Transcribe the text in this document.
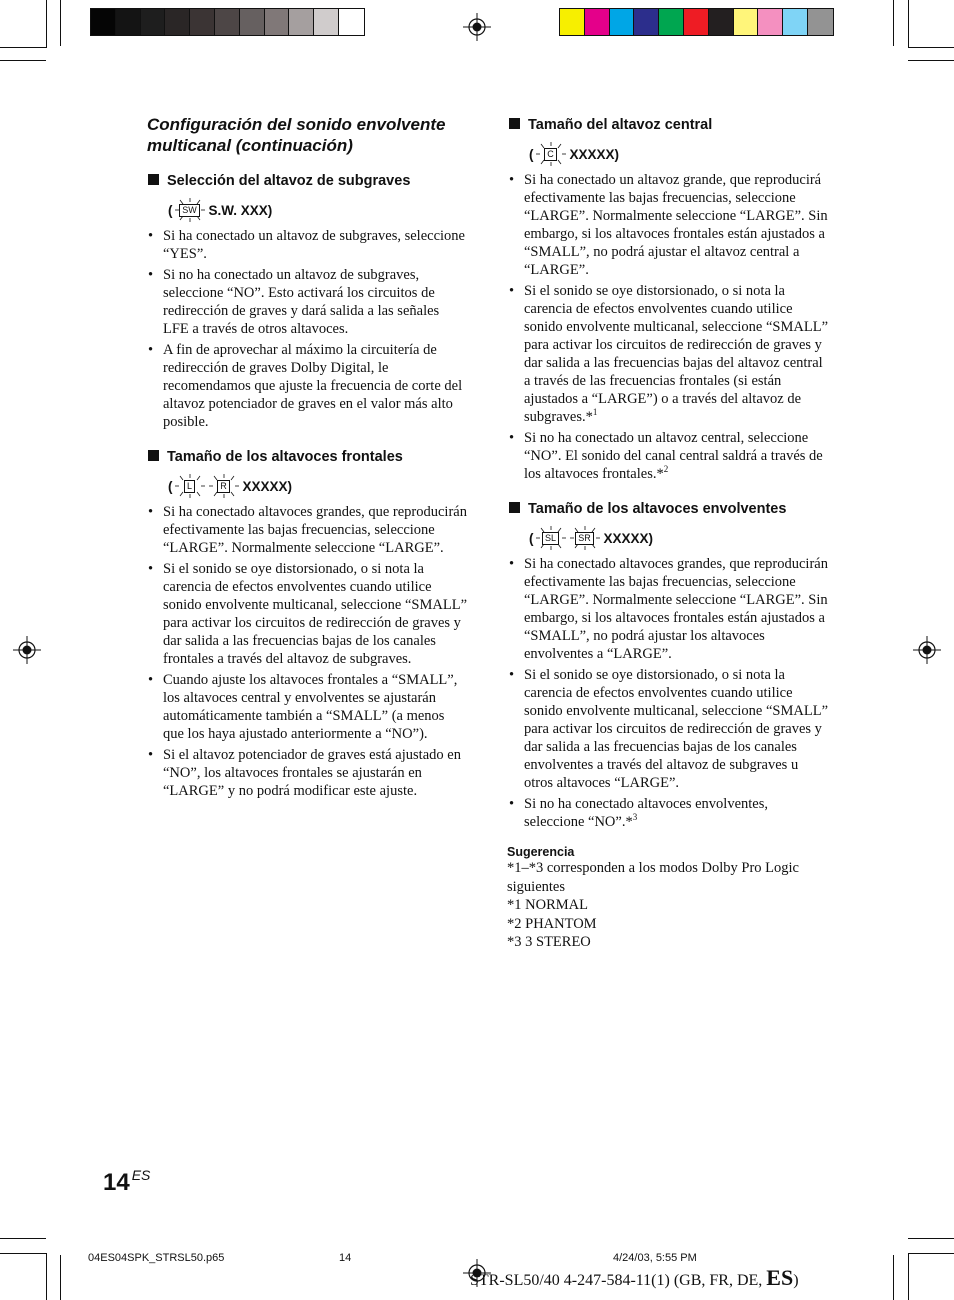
Configuración del sonido envolvente multicanal (continuación)
Selección del altavoz de subgraves
(	SW S.W. XXX)
• Si ha conectado un altavoz de subgraves, seleccione “YES”.
• Si no ha conectado un altavoz de subgraves, seleccione “NO”. Esto activará los circuitos de redirección de graves y dará salida a las señales LFE a través de otros altavoces.
• A fin de aprovechar al máximo la circuitería de redirección de graves Dolby Digital, le recomendamos que ajuste la frecuencia de corte del altavoz potenciador de graves en el valor más alto posible.
Tamaño de los altavoces frontales
(	L	R XXXXX)
• Si ha conectado altavoces grandes, que reproducirán efectivamente las bajas frecuencias, seleccione “LARGE”. Normalmente seleccione “LARGE”.
• Si el sonido se oye distorsionado, o si nota la carencia de efectos envolventes cuando utilice sonido envolvente multicanal, seleccione “SMALL” para activar los circuitos de redirección de graves y dar salida a las frecuencias bajas de los canales frontales a través del altavoz de subgraves.
• Cuando ajuste los altavoces frontales a “SMALL”, los altavoces central y envolventes se ajustarán automáticamente también a “SMALL” (a menos que los haya ajustado anteriormente a “NO”).
• Si el altavoz potenciador de graves está ajustado en “NO”, los altavoces frontales se ajustarán en “LARGE” y no podrá modificar este ajuste.
Tamaño del altavoz central
(	C XXXXX)
• Si ha conectado un altavoz grande, que reproducirá efectivamente las bajas frecuencias, seleccione “LARGE”. Normalmente seleccione “LARGE”. Sin embargo, si los altavoces frontales están ajustados a “SMALL”, no podrá ajustar el altavoz central a “LARGE”.
• Si el sonido se oye distorsionado, o si nota la carencia de efectos envolventes cuando utilice sonido envolvente multicanal, seleccione “SMALL” para activar los circuitos de redirección de graves y dar salida a las frecuencias bajas del altavoz central a través de las frecuencias frontales (si están ajustados a “LARGE”) o a través del altavoz de subgraves.*$^1$
• Si no ha conectado un altavoz central, seleccione “NO”. El sonido del canal central saldrá a través de los altavoces frontales.*$^2$
Tamaño de los altavoces envolventes
(	SL	SR XXXXX)
• Si ha conectado altavoces grandes, que reproducirán efectivamente las bajas frecuencias, seleccione “LARGE”. Normalmente seleccione “LARGE”. Sin embargo, si los altavoces frontales están ajustados a “SMALL”, no podrá ajustar los altavoces envolventes a “LARGE”.
• Si el sonido se oye distorsionado, o si nota la carencia de efectos envolventes cuando utilice sonido envolvente multicanal, seleccione “SMALL” para activar los circuitos de redirección de graves y dar salida a las frecuencias bajas de los canales envolventes a través del altavoz de subgraves u otros altavoces “LARGE”.
• Si no ha conectado altavoces envolventes, seleccione “NO”.*$^3$
Sugerencia
*1–*3 corresponden a los modos Dolby Pro Logic siguientes
*1 NORMAL
*2 PHANTOM
*3 3 STEREO
14 $^{ES}$
04ES04SPK_STRSL50.p65	14	4/24/03, 5:55 PM
STR-SL50/40 4-247-584-11(1) (GB, FR, DE, ES)
